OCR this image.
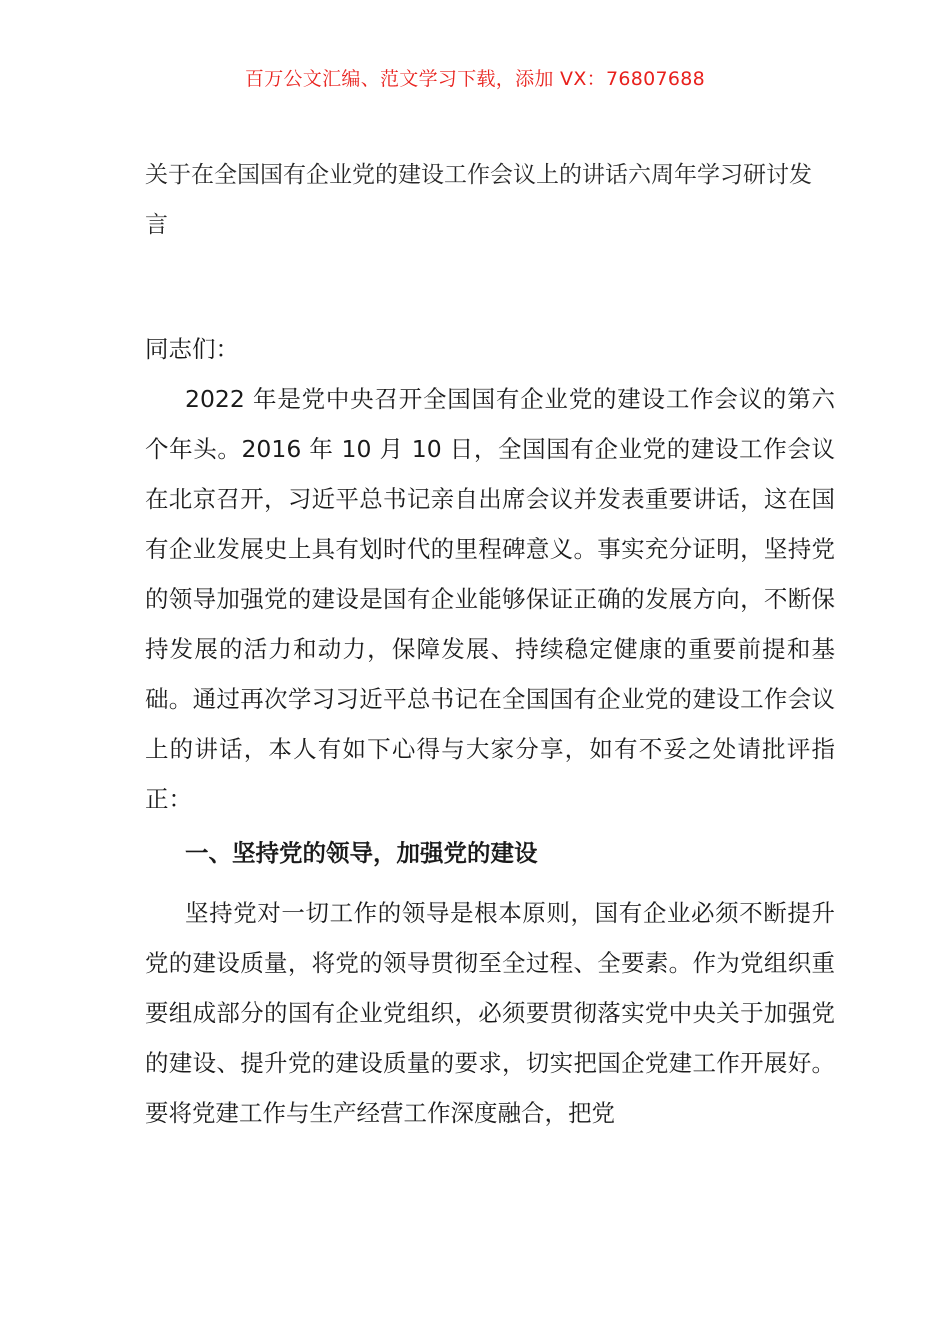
百万公文汇编、范文学习下载，添加 VX：76807688
关于在全国国有企业党的建设工作会议上的讲话六周年学习研讨发言

同志们：

2022 年是党中央召开全国国有企业党的建设工作会议的第六个年头。2016 年 10 月 10 日，全国国有企业党的建设工作会议在北京召开，习近平总书记亲自出席会议并发表重要讲话，这在国有企业发展史上具有划时代的里程碑意义。事实充分证明，坚持党的领导加强党的建设是国有企业能够保证正确的发展方向，不断保持发展的活力和动力，保障发展、持续稳定健康的重要前提和基础。通过再次学习习近平总书记在全国国有企业党的建设工作会议上的讲话，本人有如下心得与大家分享，如有不妥之处请批评指正：

一、坚持党的领导，加强党的建设

坚持党对一切工作的领导是根本原则，国有企业必须不断提升党的建设质量，将党的领导贯彻至全过程、全要素。作为党组织重要组成部分的国有企业党组织，必须要贯彻落实党中央关于加强党的建设、提升党的建设质量的要求，切实把国企党建工作开展好。要将党建工作与生产经营工作深度融合，把党
